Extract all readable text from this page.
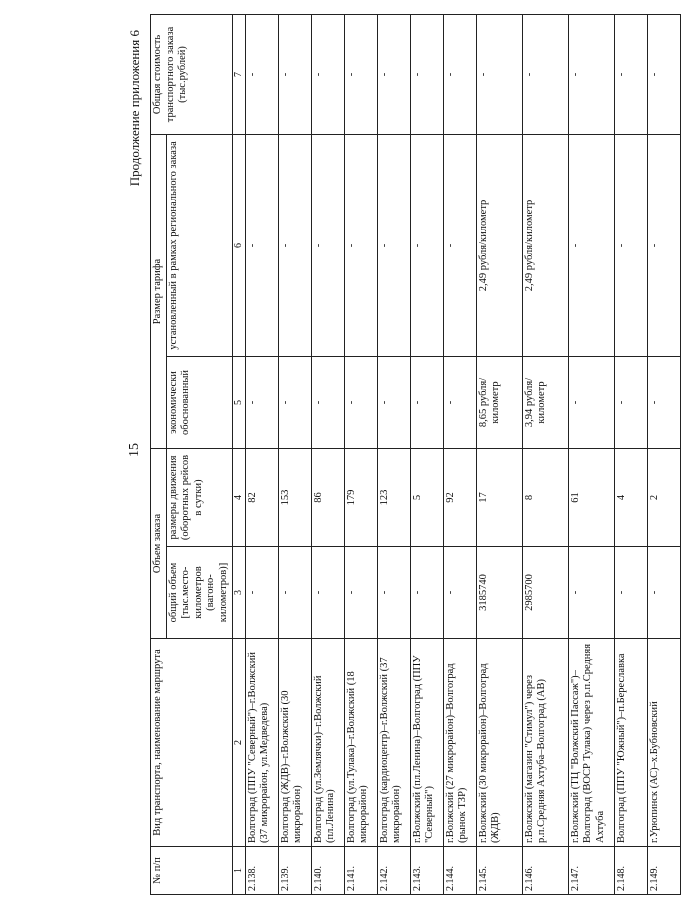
15
Продолжение приложения 6
№ п/п	Вид транспорта, наименование маршрута	Объем заказа		Размер тарифа		Общая стоимость транспортного заказа (тыс.рублей)
		общий объем [тыс.место-километров (вагоно-километров)]	размеры движения (оборотных рейсов в сутки)	экономически обоснованный	установленный в рамках регионального заказа	
1	2	3	4	5	6	7
2.138.	Волгоград (ППУ "Северный")–г.Волжский (37 микрорайон, ул.Медведева)	-	82	-	-	-
2.139.	Волгоград (ЖДВ)–г.Волжский (30 микрорайон)	-	153	-	-	-
2.140.	Волгоград (ул.Землячки)–г.Волжский (пл.Ленина)	-	86	-	-	-
2.141.	Волгоград (ул.Тулака)–г.Волжский (18 микрорайон)	-	179	-	-	-
2.142.	Волгоград (кардиоцентр)–г.Волжский (37 микрорайон)	-	123	-	-	-
2.143.	г.Волжский (пл.Ленина)–Волгоград (ППУ "Северный")	-	5	-	-	-
2.144.	г.Волжский (27 микрорайон)–Волгоград (рынок ТЗР)	-	92	-	-	-
2.145.	г.Волжский (30 микрорайон)–Волгоград (ЖДВ)	3185740	17	8,65 рубля/ километр	2,49 рубля/километр	-
2.146.	г.Волжский (магазин "Стимул") через р.п.Средняя Ахтуба–Волгоград (АВ)	2985700	8	3,94 рубля/ километр	2,49 рубля/километр	-
2.147.	г.Волжский (ТЦ "Волжский Пассаж")–Волгоград (ВОСР Тулака) через р.п.Средняя Ахтуба	-	61	-	-	-
2.148.	Волгоград (ППУ "Южный")–п.Береславка	-	4	-	-	-
2.149.	г.Урюпинск (АС)–х.Бубновский	-	2	-	-	-
